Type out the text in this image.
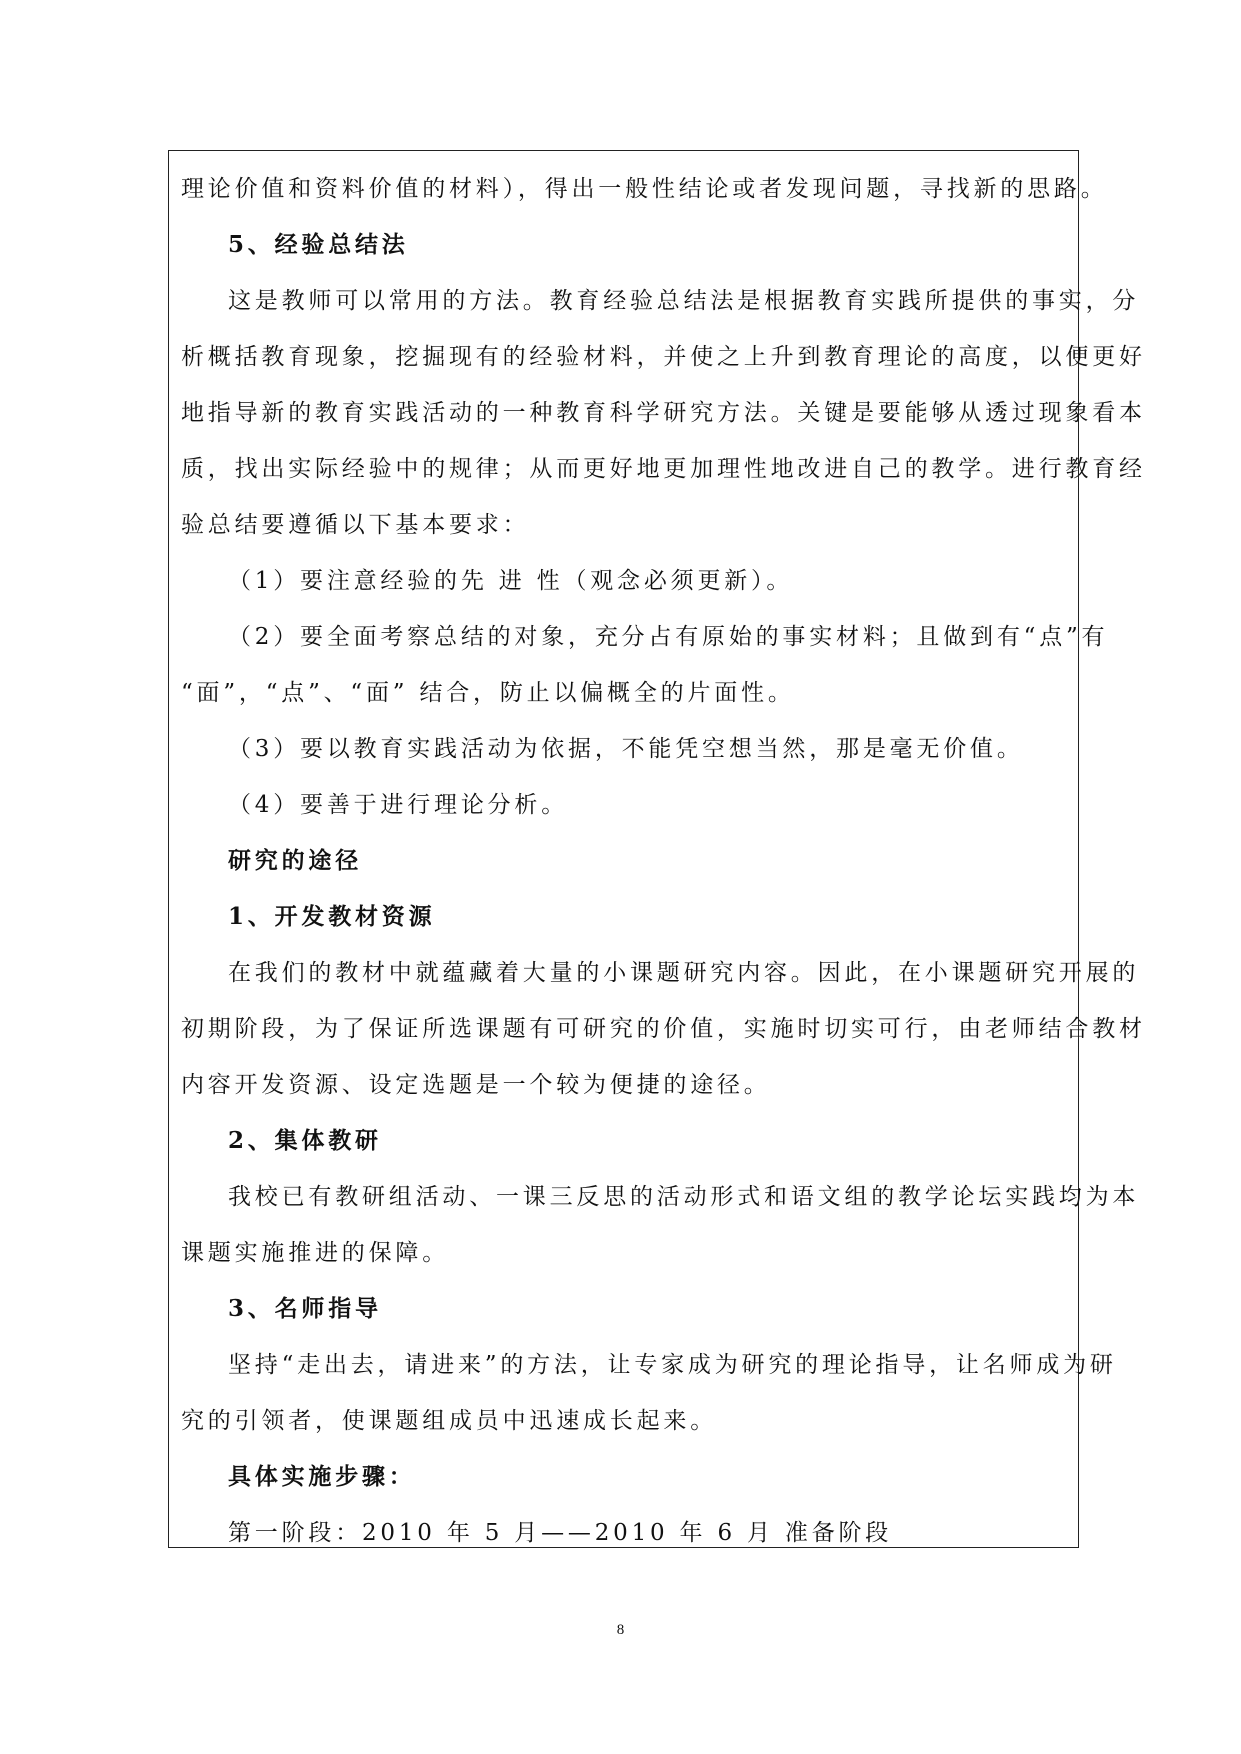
理论价值和资料价值的材料），得出一般性结论或者发现问题，寻找新的思路。
5、经验总结法
这是教师可以常用的方法。教育经验总结法是根据教育实践所提供的事实，分
析概括教育现象，挖掘现有的经验材料，并使之上升到教育理论的高度，以便更好
地指导新的教育实践活动的一种教育科学研究方法。关键是要能够从透过现象看本
质，找出实际经验中的规律；从而更好地更加理性地改进自己的教学。进行教育经
验总结要遵循以下基本要求：
（1）要注意经验的先 进 性（观念必须更新）。
（2）要全面考察总结的对象，充分占有原始的事实材料；且做到有“点”有
“面”，“点”、“面” 结合，防止以偏概全的片面性。
（3）要以教育实践活动为依据，不能凭空想当然，那是毫无价值。
（4）要善于进行理论分析。
研究的途径
1、开发教材资源
在我们的教材中就蕴藏着大量的小课题研究内容。因此，在小课题研究开展的
初期阶段，为了保证所选课题有可研究的价值，实施时切实可行，由老师结合教材
内容开发资源、设定选题是一个较为便捷的途径。
2、集体教研
我校已有教研组活动、一课三反思的活动形式和语文组的教学论坛实践均为本
课题实施推进的保障。
3、名师指导
坚持“走出去，请进来”的方法，让专家成为研究的理论指导，让名师成为研
究的引领者，使课题组成员中迅速成长起来。
具体实施步骤：
第一阶段：2010 年 5 月——2010 年 6 月 准备阶段
8
